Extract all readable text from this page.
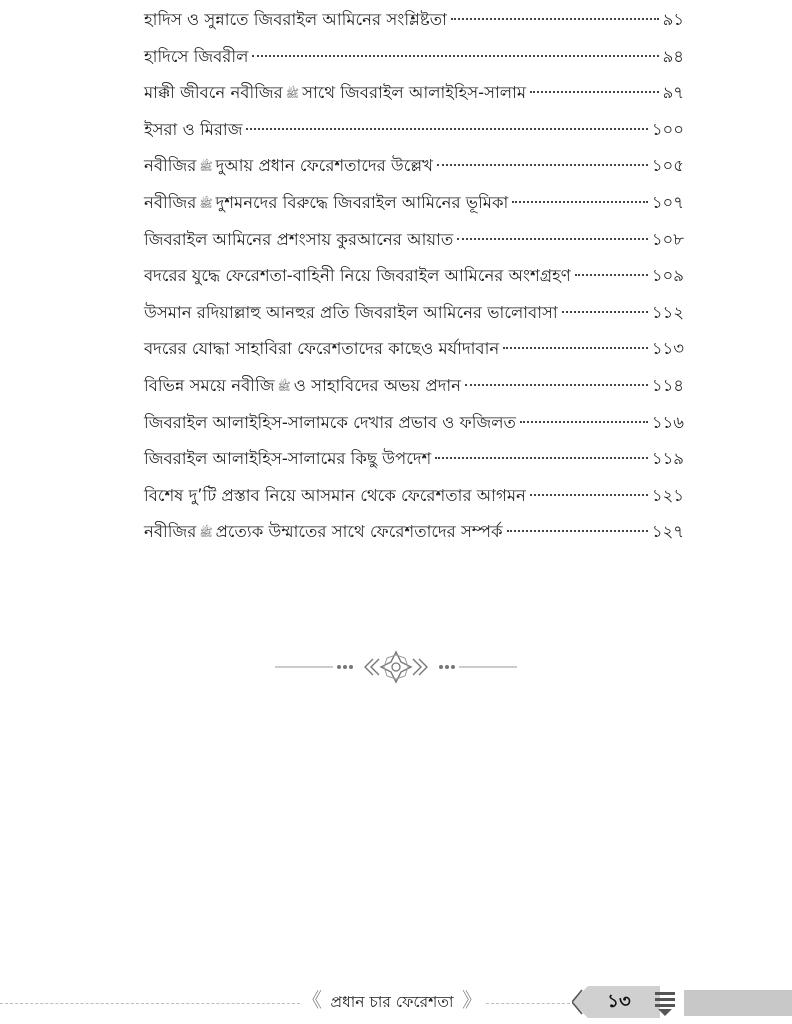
হাদিস ও সুন্নাতে জিবরাইল আমিনের সংশ্লিষ্টতা	৯১
হাদিসে জিবরীল	৯৪
মাক্কী জীবনে নবীজির ﷺ সাথে জিবরাইল আলাইহিস-সালাম	৯৭
ইসরা ও মিরাজ	১০০
নবীজির ﷺ দুআয় প্রধান ফেরেশতাদের উল্লেখ	১০৫
নবীজির ﷺ দুশমনদের বিরুদ্ধে জিবরাইল আমিনের ভূমিকা	১০৭
জিবরাইল আমিনের প্রশংসায় কুরআনের আয়াত	১০৮
বদরের যুদ্ধে ফেরেশতা-বাহিনী নিয়ে জিবরাইল আমিনের অংশগ্রহণ	১০৯
উসমান রদিয়াল্লাহু আনহুর প্রতি জিবরাইল আমিনের ভালোবাসা	১১২
বদরের যোদ্ধা সাহাবিরা ফেরেশতাদের কাছেও মর্যাদাবান	১১৩
বিভিন্ন সময়ে নবীজি ﷺ ও সাহাবিদের অভয় প্রদান	১১৪
জিবরাইল আলাইহিস-সালামকে দেখার প্রভাব ও ফজিলত	১১৬
জিবরাইল আলাইহিস-সালামের কিছু উপদেশ	১১৯
বিশেষ দু’টি প্রস্তাব নিয়ে আসমান থেকে ফেরেশতার আগমন	১২১
নবীজির ﷺ প্রত্যেক উম্মাতের সাথে ফেরেশতাদের সম্পর্ক	১২৭
《 প্রধান চার ফেরেশতা 》	১৩
